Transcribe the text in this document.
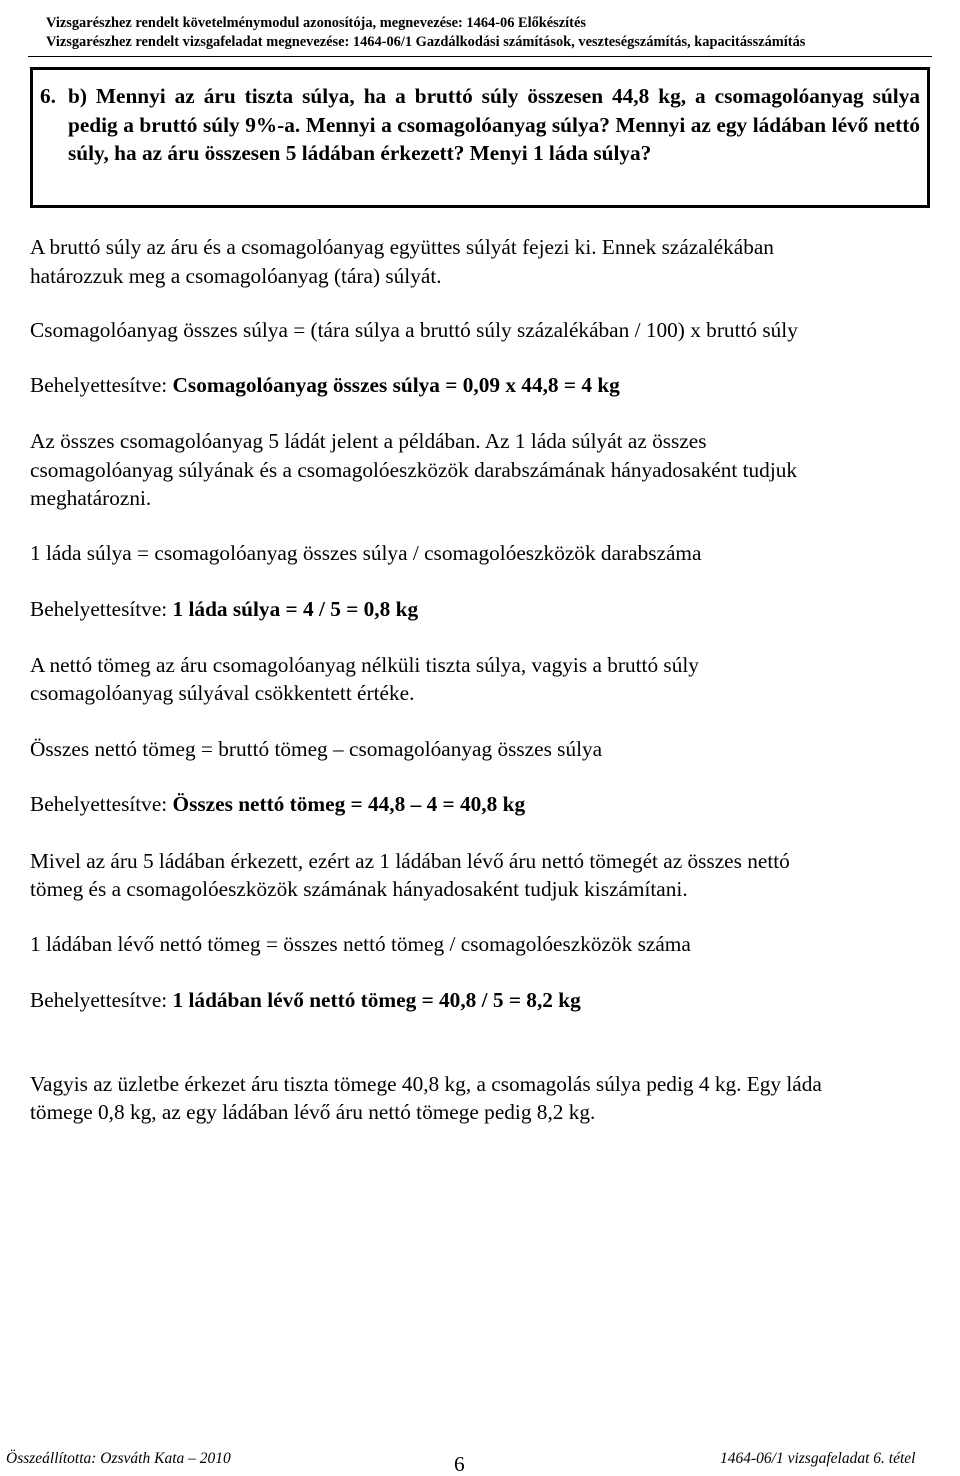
Vizsgarészhez rendelt követelménymodul azonosítója, megnevezése: 1464-06 Előkészítés
Vizsgarészhez rendelt vizsgafeladat megnevezése: 1464-06/1 Gazdálkodási számítások, veszteségszámítás, kapacitásszámítás
6. b) Mennyi az áru tiszta súlya, ha a bruttó súly összesen 44,8 kg, a csomagolóanyag súlya pedig a bruttó súly 9%-a. Mennyi a csomagolóanyag súlya? Mennyi az egy ládában lévő nettó súly, ha az áru összesen 5 ládában érkezett? Menyi 1 láda súlya?
A bruttó súly az áru és a csomagolóanyag együttes súlyát fejezi ki. Ennek százalékában
határozzuk meg a csomagolóanyag (tára) súlyát.
Csomagolóanyag összes súlya = (tára súlya a bruttó súly százalékában / 100) x bruttó súly
Behelyettesítve: Csomagolóanyag összes súlya = 0,09 x 44,8 = 4 kg
Az összes csomagolóanyag 5 ládát jelent a példában. Az 1 láda súlyát az összes
csomagolóanyag súlyának és a csomagolóeszközök darabszámának hányadosaként tudjuk
meghatározni.
1 láda súlya = csomagolóanyag összes súlya / csomagolóeszközök darabszáma
Behelyettesítve: 1 láda súlya = 4 / 5 = 0,8 kg
A nettó tömeg az áru csomagolóanyag nélküli tiszta súlya, vagyis a bruttó súly
csomagolóanyag súlyával csökkentett értéke.
Összes nettó tömeg = bruttó tömeg – csomagolóanyag összes súlya
Behelyettesítve: Összes nettó tömeg = 44,8 – 4 = 40,8 kg
Mivel az áru 5 ládában érkezett, ezért az 1 ládában lévő áru nettó tömegét az összes nettó
tömeg és a csomagolóeszközök számának hányadosaként tudjuk kiszámítani.
1 ládában lévő nettó tömeg = összes nettó tömeg / csomagolóeszközök száma
Behelyettesítve: 1 ládában lévő nettó tömeg = 40,8 / 5 = 8,2 kg
Vagyis az üzletbe érkezet áru tiszta tömege 40,8 kg, a csomagolás súlya pedig 4 kg. Egy láda
tömege 0,8 kg, az egy ládában lévő áru nettó tömege pedig 8,2 kg.
Összeállította: Ozsváth Kata – 2010	6	1464-06/1 vizsgafeladat 6. tétel
